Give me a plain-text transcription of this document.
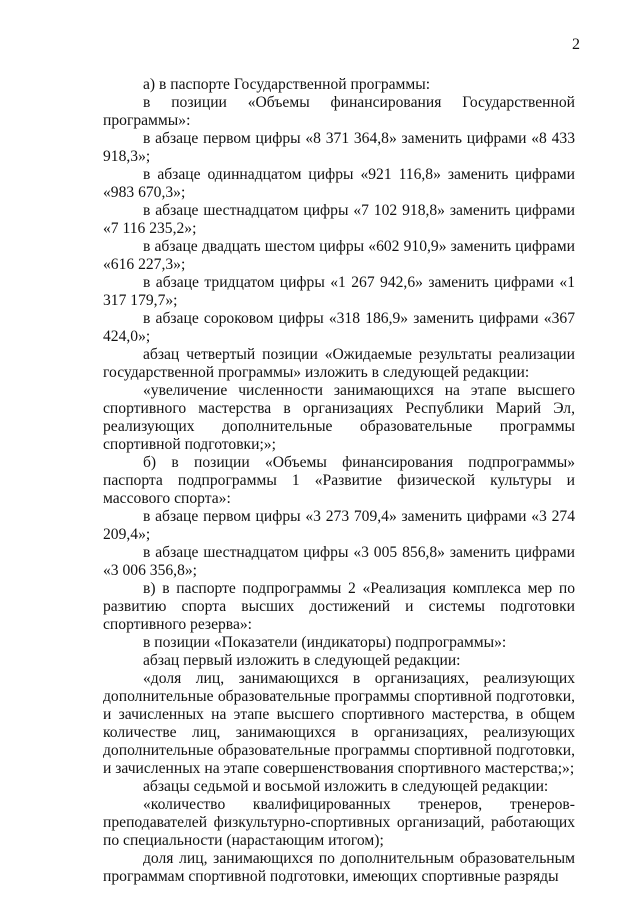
2

а) в паспорте Государственной программы:

в позиции «Объемы финансирования Государственной программы»:

в абзаце первом цифры «8 371 364,8» заменить цифрами «8 433 918,3»;

в абзаце одиннадцатом цифры «921 116,8» заменить цифрами «983 670,3»;

в абзаце шестнадцатом цифры «7 102 918,8» заменить цифрами «7 116 235,2»;

в абзаце двадцать шестом цифры «602 910,9» заменить цифрами «616 227,3»;

в абзаце тридцатом цифры «1 267 942,6» заменить цифрами «1 317 179,7»;

в абзаце сороковом цифры «318 186,9» заменить цифрами «367 424,0»;

абзац четвертый позиции «Ожидаемые результаты реализации государственной программы» изложить в следующей редакции:

«увеличение численности занимающихся на этапе высшего спортивного мастерства в организациях Республики Марий Эл, реализующих дополнительные образовательные программы спортивной подготовки;»;

б) в позиции «Объемы финансирования подпрограммы» паспорта подпрограммы 1 «Развитие физической культуры и массового спорта»:

в абзаце первом цифры «3 273 709,4» заменить цифрами «3 274 209,4»;

в абзаце шестнадцатом цифры «3 005 856,8» заменить цифрами «3 006 356,8»;

в) в паспорте подпрограммы 2 «Реализация комплекса мер по развитию спорта высших достижений и системы подготовки спортивного резерва»:

в позиции «Показатели (индикаторы) подпрограммы»:

абзац первый изложить в следующей редакции:

«доля лиц, занимающихся в организациях, реализующих дополнительные образовательные программы спортивной подготовки, и зачисленных на этапе высшего спортивного мастерства, в общем количестве лиц, занимающихся в организациях, реализующих дополнительные образовательные программы спортивной подготовки, и зачисленных на этапе совершенствования спортивного мастерства;»;

абзацы седьмой и восьмой изложить в следующей редакции:

«количество квалифицированных тренеров, тренеров-преподавателей физкультурно-спортивных организаций, работающих по специальности (нарастающим итогом);

доля лиц, занимающихся по дополнительным образовательным программам спортивной подготовки, имеющих спортивные разряды
